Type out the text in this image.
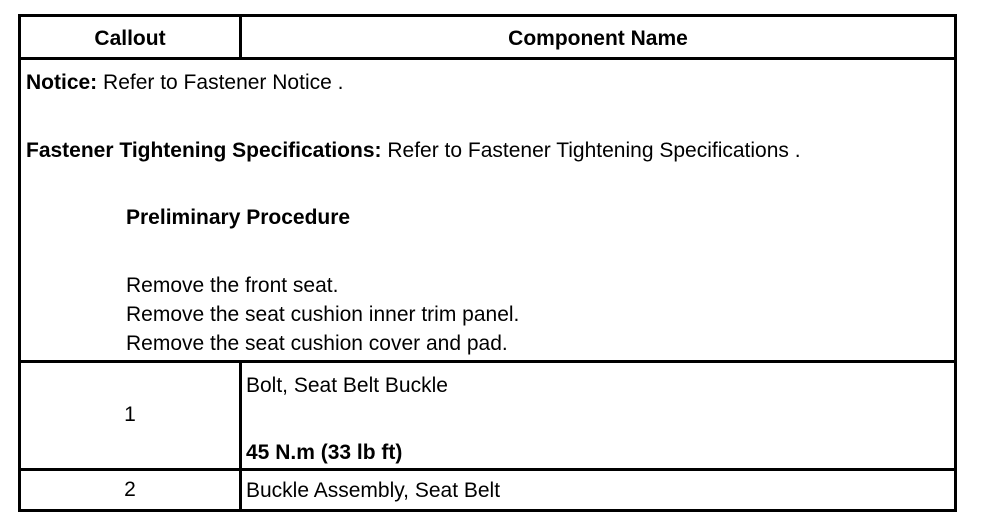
Callout	Component Name
Notice: Refer to Fastener Notice .
Fastener Tightening Specifications: Refer to Fastener Tightening Specifications .
Preliminary Procedure
Remove the front seat.
Remove the seat cushion inner trim panel.
Remove the seat cushion cover and pad.
1
Bolt, Seat Belt Buckle
45 N.m (33 lb ft)
2	Buckle Assembly, Seat Belt
